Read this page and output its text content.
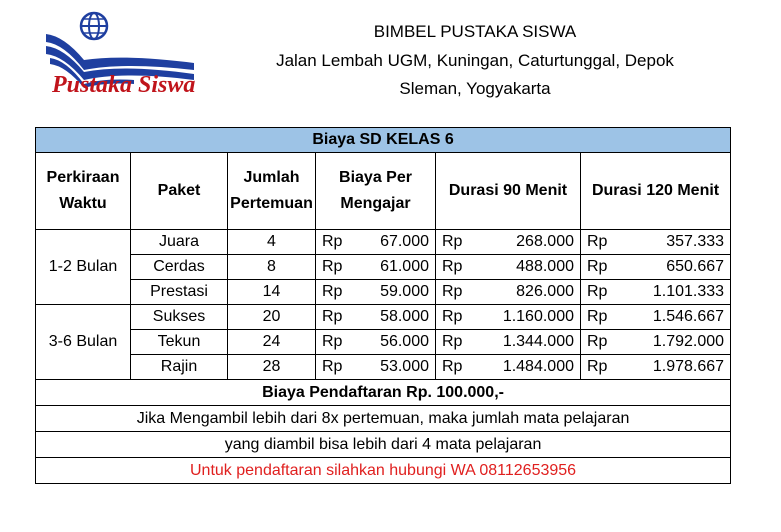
Pustaka Siswa
BIMBEL PUSTAKA SISWA
Jalan Lembah UGM, Kuningan, Caturtunggal, Depok
Sleman, Yogyakarta
Biaya SD KELAS 6					
Perkiraan Waktu	Paket	Jumlah Pertemuan	Biaya Per Mengajar	Durasi 90 Menit	Durasi 120 Menit
1-2 Bulan	Juara	4	Rp 67.000	Rp 268.000	Rp 357.333

	Cerdas	8	Rp 61.000	Rp 488.000	Rp 650.667

	Prestasi	14	Rp 59.000	Rp 826.000	Rp 1.101.333

3-6 Bulan	Sukses	20	Rp 58.000	Rp 1.160.000	Rp 1.546.667

	Tekun	24	Rp 56.000	Rp 1.344.000	Rp 1.792.000

	Rajin	28	Rp 53.000	Rp 1.484.000	Rp 1.978.667

Biaya Pendaftaran Rp. 100.000,-					
Jika Mengambil lebih dari 8x pertemuan, maka jumlah mata pelajaran					
yang diambil bisa lebih dari 4 mata pelajaran					
Untuk pendaftaran silahkan hubungi WA 08112653956					
